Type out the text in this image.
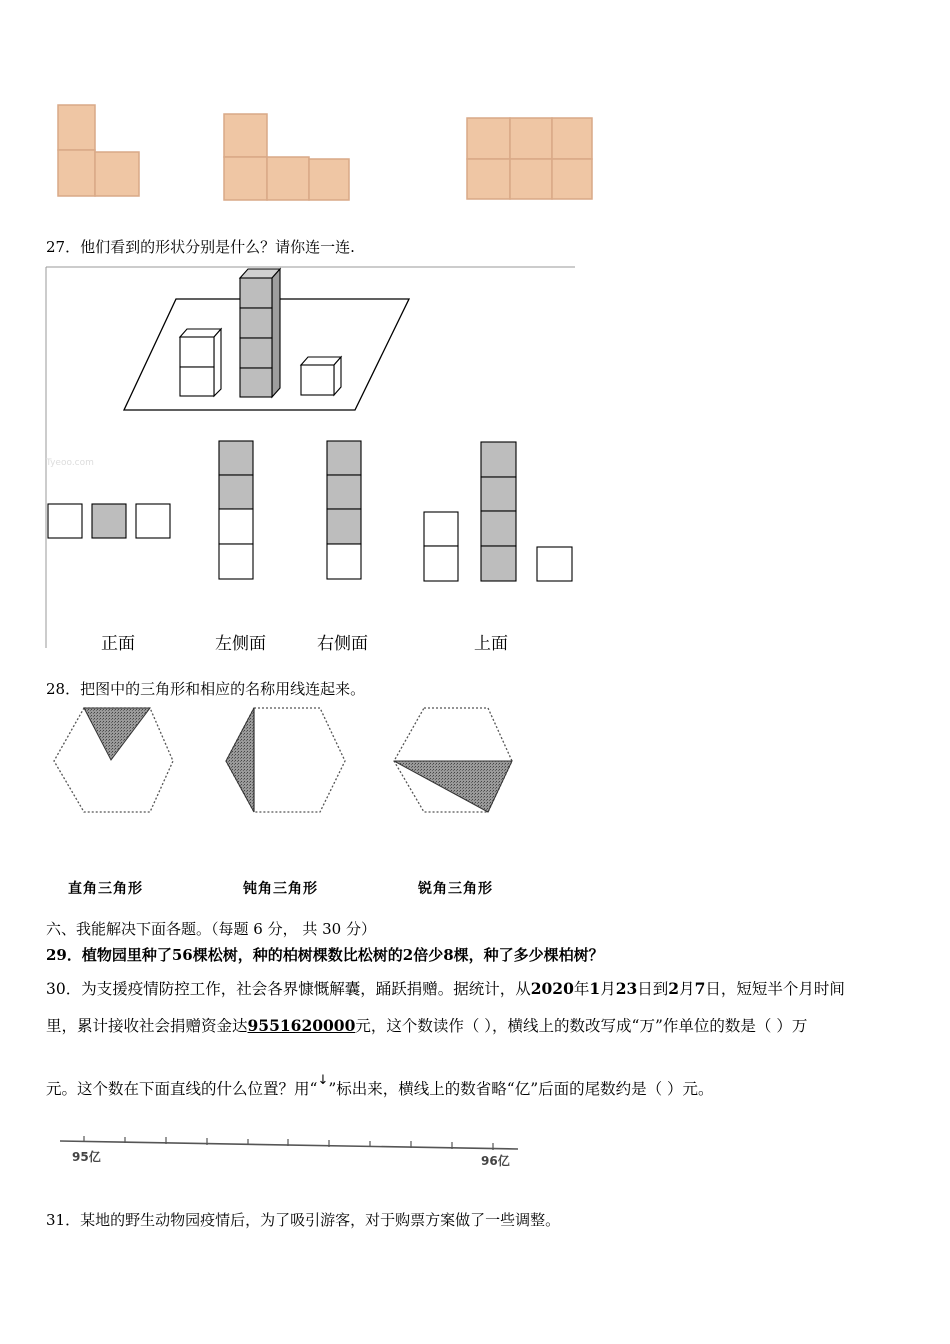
27．他们看到的形状分别是什么？请你连一连.
Tyeoo.com
正面	左侧面	右侧面	上面
28．把图中的三角形和相应的名称用线连起来。
直角三角形	钝角三角形	锐角三角形
六、我能解决下面各题。（每题 6 分， 共 30 分）
29．植物园里种了56棵松树，种的柏树棵数比松树的2倍少8棵，种了多少棵柏树？
30．为支援疫情防控工作，社会各界慷慨解囊，踊跃捐赠。据统计，从2020年1月23日到2月7日，短短半个月时间
里，累计接收社会捐赠资金达9551620000元，这个数读作（ ），横线上的数改写成“万”作单位的数是（ ）万
元。这个数在下面直线的什么位置？用“↓”标出来，横线上的数省略“亿”后面的尾数约是（ ）元。
95亿	96亿
31．某地的野生动物园疫情后，为了吸引游客，对于购票方案做了一些调整。
